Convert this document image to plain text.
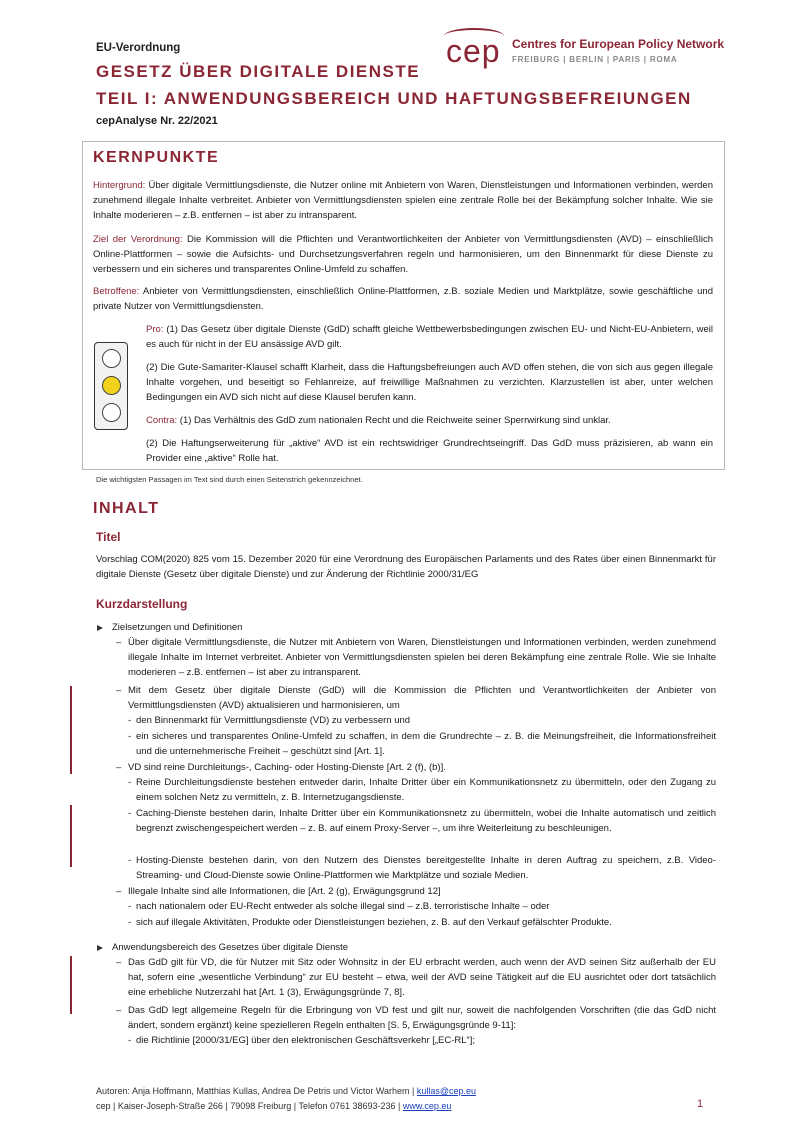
EU-Verordnung
GESETZ ÜBER DIGITALE DIENSTE
TEIL I: ANWENDUNGSBEREICH UND HAFTUNGSBEFREIUNGEN
cepAnalyse Nr. 22/2021
cep Centres for European Policy Network
FREIBURG | BERLIN | PARIS | ROMA
KERNPUNKTE
Hintergrund: Über digitale Vermittlungsdienste, die Nutzer online mit Anbietern von Waren, Dienstleistungen und Informationen verbinden, werden zunehmend illegale Inhalte verbreitet. Anbieter von Vermittlungsdiensten spielen eine zentrale Rolle bei der Bekämpfung solcher Inhalte. Wie sie Inhalte moderieren – z.B. entfernen – ist aber zu intransparent.
Ziel der Verordnung: Die Kommission will die Pflichten und Verantwortlichkeiten der Anbieter von Vermittlungsdiensten (AVD) – einschließlich Online-Plattformen – sowie die Aufsichts- und Durchsetzungsverfahren regeln und harmonisieren, um den Binnenmarkt für diese Dienste zu verbessern und ein sicheres und transparentes Online-Umfeld zu schaffen.
Betroffene: Anbieter von Vermittlungsdiensten, einschließlich Online-Plattformen, z.B. soziale Medien und Marktplätze, sowie geschäftliche und private Nutzer von Vermittlungsdiensten.
Pro: (1) Das Gesetz über digitale Dienste (GdD) schafft gleiche Wettbewerbsbedingungen zwischen EU- und Nicht-EU-Anbietern, weil es auch für nicht in der EU ansässige AVD gilt.
(2) Die Gute-Samariter-Klausel schafft Klarheit, dass die Haftungsbefreiungen auch AVD offen stehen, die von sich aus gegen illegale Inhalte vorgehen, und beseitigt so Fehlanreize, auf freiwillige Maßnahmen zu verzichten. Klarzustellen ist aber, unter welchen Bedingungen ein AVD sich nicht auf diese Klausel berufen kann.
Contra: (1) Das Verhältnis des GdD zum nationalen Recht und die Reichweite seiner Sperrwirkung sind unklar.
(2) Die Haftungserweiterung für „aktive“ AVD ist ein rechtswidriger Grundrechtseingriff. Das GdD muss präzisieren, ab wann ein Provider eine „aktive“ Rolle hat.
Die wichtigsten Passagen im Text sind durch einen Seitenstrich gekennzeichnet.
INHALT
Titel
Vorschlag COM(2020) 825 vom 15. Dezember 2020 für eine Verordnung des Europäischen Parlaments und des Rates über einen Binnenmarkt für digitale Dienste (Gesetz über digitale Dienste) und zur Änderung der Richtlinie 2000/31/EG
Kurzdarstellung
Zielsetzungen und Definitionen
– Über digitale Vermittlungsdienste, die Nutzer mit Anbietern von Waren, Dienstleistungen und Informationen verbinden, werden zunehmend illegale Inhalte im Internet verbreitet. Anbieter von Vermittlungsdiensten spielen bei deren Bekämpfung eine zentrale Rolle. Wie sie Inhalte moderieren – z.B. entfernen – ist aber zu intransparent.
– Mit dem Gesetz über digitale Dienste (GdD) will die Kommission die Pflichten und Verantwortlichkeiten der Anbieter von Vermittlungsdiensten (AVD) aktualisieren und harmonisieren, um
- den Binnenmarkt für Vermittlungsdienste (VD) zu verbessern und
- ein sicheres und transparentes Online-Umfeld zu schaffen, in dem die Grundrechte – z. B. die Meinungsfreiheit, die Informationsfreiheit und die unternehmerische Freiheit – geschützt sind [Art. 1].
– VD sind reine Durchleitungs-, Caching- oder Hosting-Dienste [Art. 2 (f), (b)].
- Reine Durchleitungsdienste bestehen entweder darin, Inhalte Dritter über ein Kommunikationsnetz zu übermitteln, oder den Zugang zu einem solchen Netz zu vermitteln, z. B. Internetzugangsdienste.
- Caching-Dienste bestehen darin, Inhalte Dritter über ein Kommunikationsnetz zu übermitteln, wobei die Inhalte automatisch und zeitlich begrenzt zwischengespeichert werden – z. B. auf einem Proxy-Server –, um ihre Weiterleitung zu beschleunigen.
- Hosting-Dienste bestehen darin, von den Nutzern des Dienstes bereitgestellte Inhalte in deren Auftrag zu speichern, z.B. Video-Streaming- und Cloud-Dienste sowie Online-Plattformen wie Marktplätze und soziale Medien.
– Illegale Inhalte sind alle Informationen, die [Art. 2 (g), Erwägungsgrund 12]
- nach nationalem oder EU-Recht entweder als solche illegal sind – z.B. terroristische Inhalte – oder
- sich auf illegale Aktivitäten, Produkte oder Dienstleistungen beziehen, z. B. auf den Verkauf gefälschter Produkte.
Anwendungsbereich des Gesetzes über digitale Dienste
– Das GdD gilt für VD, die für Nutzer mit Sitz oder Wohnsitz in der EU erbracht werden, auch wenn der AVD seinen Sitz außerhalb der EU hat, sofern eine „wesentliche Verbindung“ zur EU besteht – etwa, weil der AVD seine Tätigkeit auf die EU ausrichtet oder dort tatsächlich eine erhebliche Nutzerzahl hat [Art. 1 (3), Erwägungsgründe 7, 8].
– Das GdD legt allgemeine Regeln für die Erbringung von VD fest und gilt nur, soweit die nachfolgenden Vorschriften (die das GdD nicht ändert, sondern ergänzt) keine spezielleren Regeln enthalten [S. 5, Erwägungsgründe 9-11]:
- die Richtlinie [2000/31/EG] über den elektronischen Geschäftsverkehr [„EC-RL“];
Autoren: Anja Hoffmann, Matthias Kullas, Andrea De Petris und Victor Warhem | kullas@cep.eu
cep | Kaiser-Joseph-Straße 266 | 79098 Freiburg | Telefon 0761 38693-236 | www.cep.eu	1
